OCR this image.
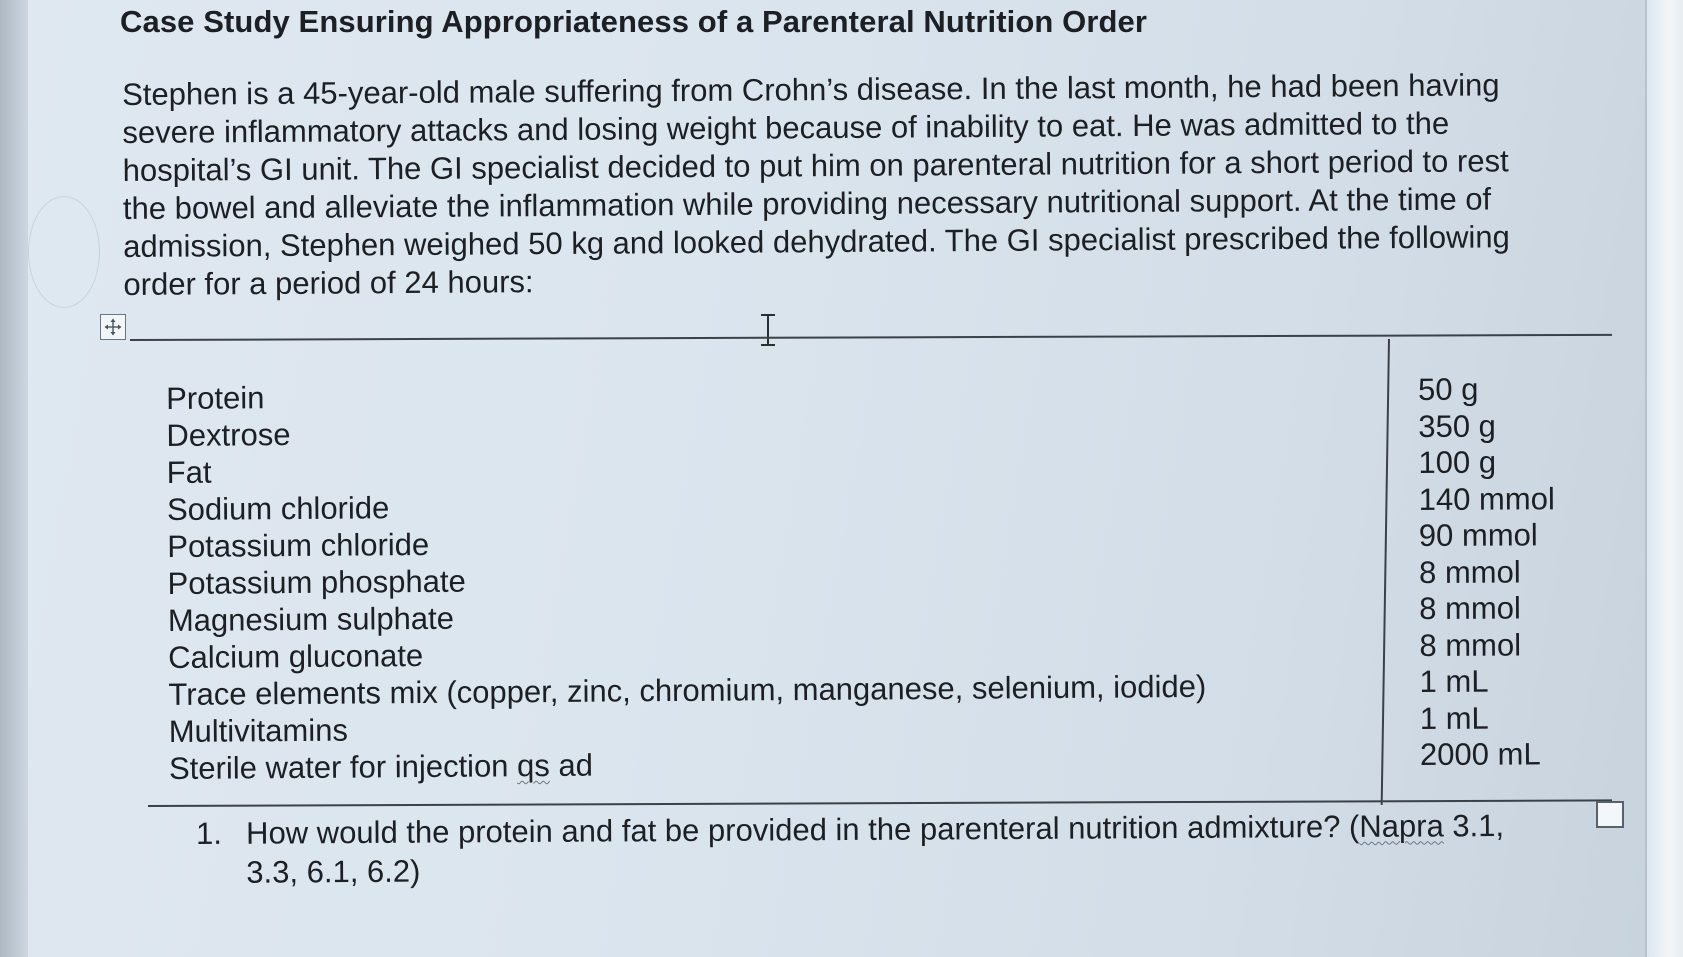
Case Study Ensuring Appropriateness of a Parenteral Nutrition Order
Stephen is a 45-year-old male suffering from Crohn’s disease. In the last month, he had been having
severe inflammatory attacks and losing weight because of inability to eat. He was admitted to the
hospital’s GI unit. The GI specialist decided to put him on parenteral nutrition for a short period to rest
the bowel and alleviate the inflammation while providing necessary nutritional support. At the time of
admission, Stephen weighed 50 kg and looked dehydrated. The GI specialist prescribed the following
order for a period of 24 hours:
Protein
Dextrose
Fat
Sodium chloride
Potassium chloride
Potassium phosphate
Magnesium sulphate
Calcium gluconate
Trace elements mix (copper, zinc, chromium, manganese, selenium, iodide)
Multivitamins
Sterile water for injection qs ad
50 g
350 g
100 g
140 mmol
90 mmol
8 mmol
8 mmol
8 mmol
1 mL
1 mL
2000 mL
1. How would the protein and fat be provided in the parenteral nutrition admixture? (Napra 3.1,
3.3, 6.1, 6.2)
